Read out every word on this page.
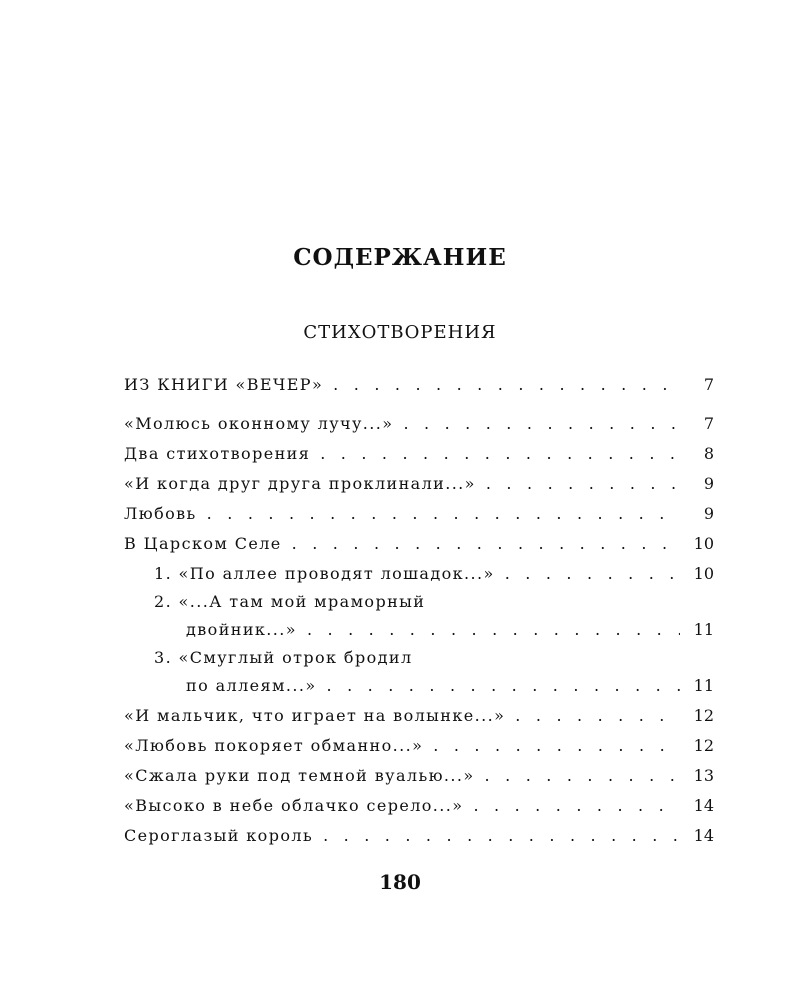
СОДЕРЖАНИЕ
СТИХОТВОРЕНИЯ
ИЗ КНИГИ «ВЕЧЕР» . . .	7
«Молюсь оконному лучу...» . . .	7
Два стихотворения . . .	8
«И когда друг друга проклинали...» . . .	9
Любовь . . .	9
В Царском Селе . . .	10
1. «По аллее проводят лошадок...» . . .	10
2. «...А там мой мраморный
двойник...» . . .	11
3. «Смуглый отрок бродил
по аллеям...» . . .	11
«И мальчик, что играет на волынке...» . . .	12
«Любовь покоряет обманно...» . . .	12
«Сжала руки под темной вуалью...» . . .	13
«Высоко в небе облачко серело...» . . .	14
Сероглазый король . . .	14
180
